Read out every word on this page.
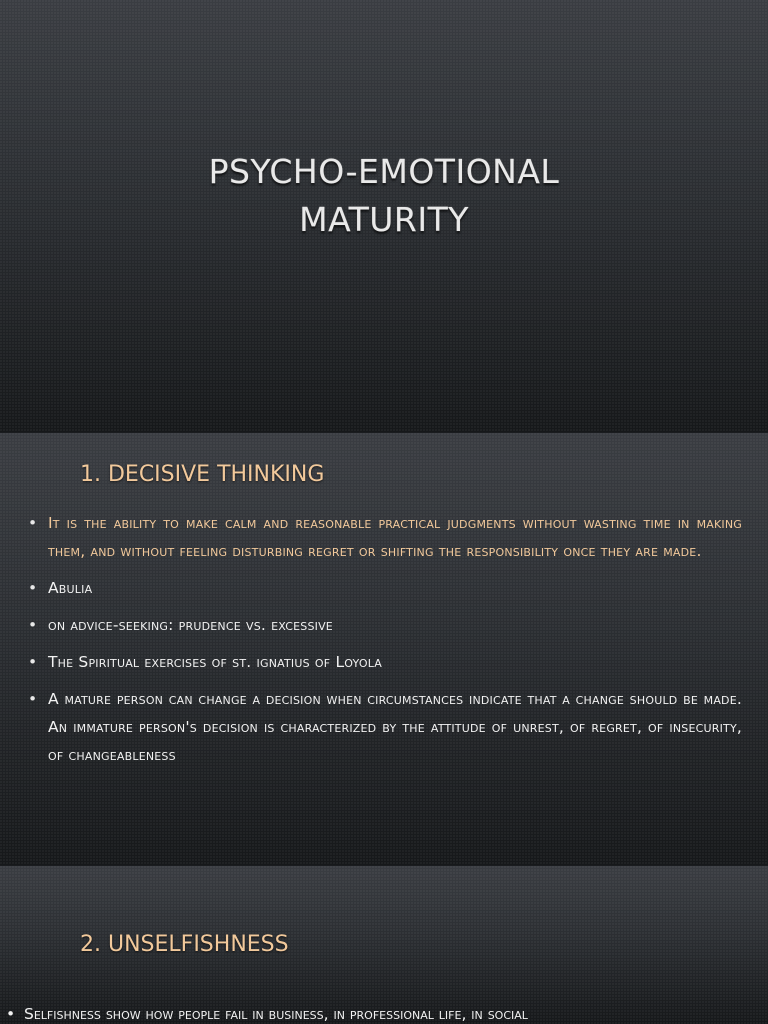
PSYCHO-EMOTIONAL
MATURITY
1. DECISIVE THINKING
• It is the ability to make calm and reasonable practical judgments without wasting time in making them, and without feeling disturbing regret or shifting the responsibility once they are made.
• Abulia
• on advice-seeking: prudence vs. excessive
• The Spiritual exercises of st. ignatius of Loyola
• A mature person can change a decision when circumstances indicate that a change should be made. An immature person's decision is characterized by the attitude of unrest, of regret, of insecurity, of changeableness
2. UNSELFISHNESS
• Selfishness show how people fail in business, in professional life, in social
